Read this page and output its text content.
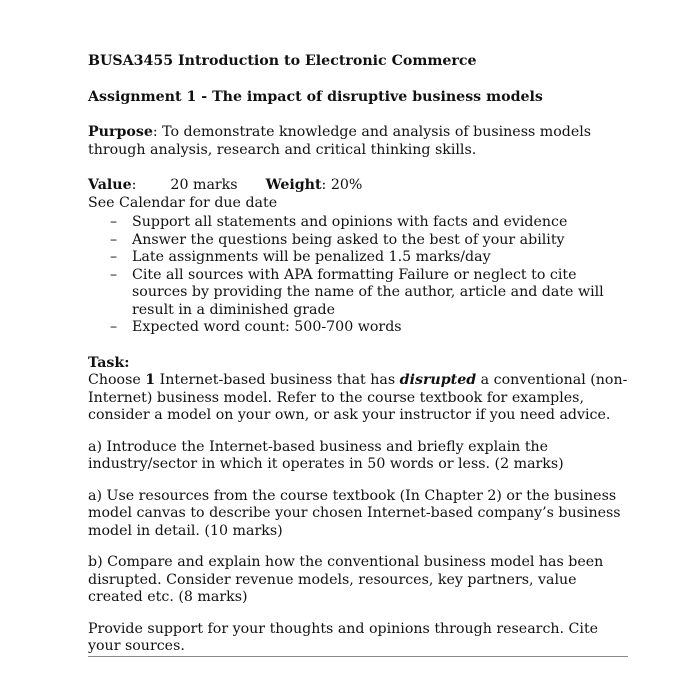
BUSA3455 Introduction to Electronic Commerce

Assignment 1 - The impact of disruptive business models

Purpose: To demonstrate knowledge and analysis of business models through analysis, research and critical thinking skills.

Value: 20 marks Weight: 20%

See Calendar for due date

– Support all statements and opinions with facts and evidence
– Answer the questions being asked to the best of your ability
– Late assignments will be penalized 1.5 marks/day
– Cite all sources with APA formatting Failure or neglect to cite sources by providing the name of the author, article and date will result in a diminished grade
– Expected word count: 500-700 words

Task:

Choose 1 Internet-based business that has disrupted a conventional (non-Internet) business model. Refer to the course textbook for examples, consider a model on your own, or ask your instructor if you need advice.

a) Introduce the Internet-based business and briefly explain the industry/sector in which it operates in 50 words or less. (2 marks)

a) Use resources from the course textbook (In Chapter 2) or the business model canvas to describe your chosen Internet-based company’s business model in detail. (10 marks)

b) Compare and explain how the conventional business model has been disrupted. Consider revenue models, resources, key partners, value created etc. (8 marks)

Provide support for your thoughts and opinions through research. Cite your sources.
